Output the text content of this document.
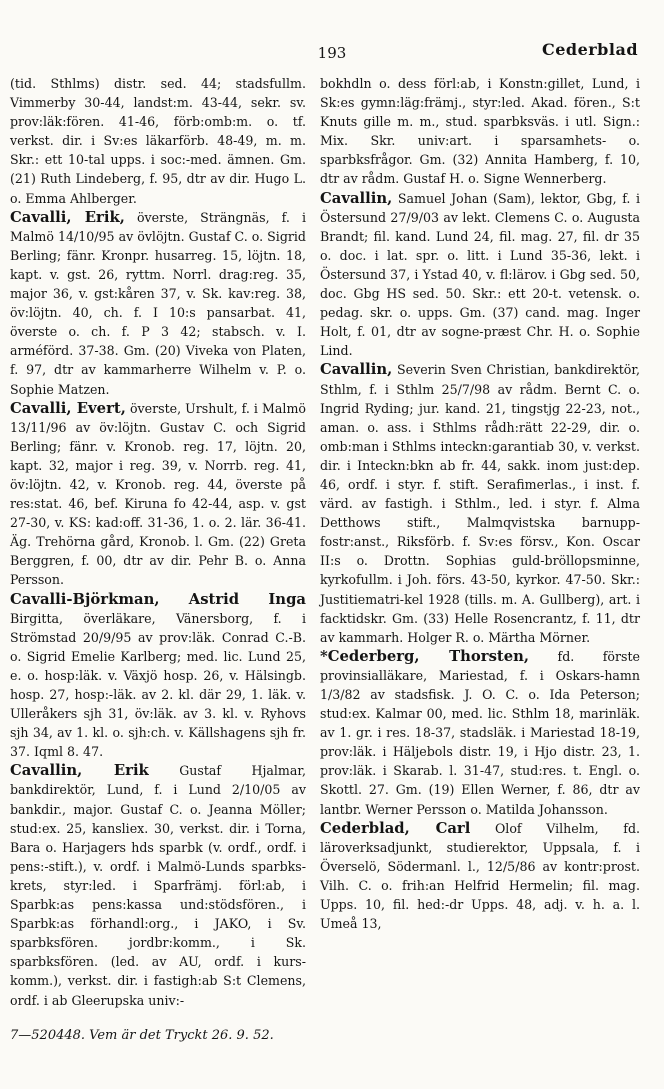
193	Cederblad

(tid. Sthlms) distr. sed. 44; stadsfullm. Vimmerby 30-44, landst:m. 43-44, sekr. sv. prov:läk:fören. 41-46, förb:omb:m. o. tf. verkst. dir. i Sv:es läkarförb. 48-49, m. m. Skr.: ett 10-tal upps. i soc:-med. ämnen. Gm. (21) Ruth Lindeberg, f. 95, dtr av dir. Hugo L. o. Emma Ahlberger.

Cavalli, Erik, överste, Strängnäs, f. i Malmö 14/10/95 av övlöjtn. Gustaf C. o. Sigrid Berling; fänr. Kronpr. husarreg. 15, löjtn. 18, kapt. v. gst. 26, ryttm. Norrl. drag:reg. 35, major 36, v. gst:kåren 37, v. Sk. kav:reg. 38, öv:löjtn. 40, ch. f. I 10:s pansarbat. 41, överste o. ch. f. P 3 42; stabsch. v. I. arméförd. 37-38. Gm. (20) Viveka von Platen, f. 97, dtr av kammarherre Wilhelm v. P. o. Sophie Matzen.

Cavalli, Evert, överste, Urshult, f. i Malmö 13/11/96 av öv:löjtn. Gustav C. och Sigrid Berling; fänr. v. Kronob. reg. 17, löjtn. 20, kapt. 32, major i reg. 39, v. Norrb. reg. 41, öv:löjtn. 42, v. Kronob. reg. 44, överste på res:stat. 46, bef. Kiruna fo 42-44, asp. v. gst 27-30, v. KS: kad:off. 31-36, 1. o. 2. lär. 36-41. Äg. Trehörna gård, Kronob. l. Gm. (22) Greta Berggren, f. 00, dtr av dir. Pehr B. o. Anna Persson.

Cavalli-Björkman, Astrid Inga Birgitta, överläkare, Vänersborg, f. i Strömstad 20/9/95 av prov:läk. Conrad C.-B. o. Sigrid Emelie Karlberg; med. lic. Lund 25, e. o. hosp:läk. v. Växjö hosp. 26, v. Hälsingb. hosp. 27, hosp:-läk. av 2. kl. där 29, 1. läk. v. Ulleråkers sjh 31, öv:läk. av 3. kl. v. Ryhovs sjh 34, av 1. kl. o. sjh:ch. v. Källshagens sjh fr. 37. Iqml 8. 47.

Cavallin, Erik Gustaf Hjalmar, bankdirektör, Lund, f. i Lund 2/10/05 av bankdir., major. Gustaf C. o. Jeanna Möller; stud:ex. 25, kansliex. 30, verkst. dir. i Torna, Bara o. Harjagers hds sparbk (v. ordf., ordf. i pens:-stift.), v. ordf. i Malmö-Lunds sparbks-krets, styr:led. i Sparfrämj. förl:ab, i Sparbk:as pens:kassa und:stödsfören., i Sparbk:as förhandl:org., i JAKO, i Sv. sparbksfören. jordbr:komm., i Sk. sparbksfören. (led. av AU, ordf. i kurs-komm.), verkst. dir. i fastigh:ab S:t Clemens, ordf. i ab Gleerupska univ:-

bokhdln o. dess förl:ab, i Konstn:gillet, Lund, i Sk:es gymn:läg:främj., styr:led. Akad. fören., S:t Knuts gille m. m., stud. sparbksväs. i utl. Sign.: Mix. Skr. univ:art. i sparsamhets- o. sparbksfrågor. Gm. (32) Annita Hamberg, f. 10, dtr av rådm. Gustaf H. o. Signe Wennerberg.

Cavallin, Samuel Johan (Sam), lektor, Gbg, f. i Östersund 27/9/03 av lekt. Clemens C. o. Augusta Brandt; fil. kand. Lund 24, fil. mag. 27, fil. dr 35 o. doc. i lat. spr. o. litt. i Lund 35-36, lekt. i Östersund 37, i Ystad 40, v. fl:lärov. i Gbg sed. 50, doc. Gbg HS sed. 50. Skr.: ett 20-t. vetensk. o. pedag. skr. o. upps. Gm. (37) cand. mag. Inger Holt, f. 01, dtr av sogne-præst Chr. H. o. Sophie Lind.

Cavallin, Severin Sven Christian, bankdirektör, Sthlm, f. i Sthlm 25/7/98 av rådm. Bernt C. o. Ingrid Ryding; jur. kand. 21, tingstjg 22-23, not., aman. o. ass. i Sthlms rådh:rätt 22-29, dir. o. omb:man i Sthlms inteckn:garantiab 30, v. verkst. dir. i Inteckn:bkn ab fr. 44, sakk. inom just:dep. 46, ordf. i styr. f. stift. Serafimerlas., i inst. f. värd. av fastigh. i Sthlm., led. i styr. f. Alma Detthows stift., Malmqvistska barnupp-fostr:anst., Riksförb. f. Sv:es försv., Kon. Oscar II:s o. Drottn. Sophias guld-bröllopsminne, kyrkofullm. i Joh. förs. 43-50, kyrkor. 47-50. Skr.: Justitiematri-kel 1928 (tills. m. A. Gullberg), art. i facktidskr. Gm. (33) Helle Rosencrantz, f. 11, dtr av kammarh. Holger R. o. Märtha Mörner.

*Cederberg, Thorsten, fd. förste provinsialläkare, Mariestad, f. i Oskars-hamn 1/3/82 av stadsfisk. J. O. C. o. Ida Peterson; stud:ex. Kalmar 00, med. lic. Sthlm 18, marinläk. av 1. gr. i res. 18-37, stadsläk. i Mariestad 18-19, prov:läk. i Häljebols distr. 19, i Hjo distr. 23, 1. prov:läk. i Skarab. l. 31-47, stud:res. t. Engl. o. Skottl. 27. Gm. (19) Ellen Werner, f. 86, dtr av lantbr. Werner Persson o. Matilda Johansson.

Cederblad, Carl Olof Vilhelm, fd. läroverksadjunkt, studierektor, Uppsala, f. i Överselö, Södermanl. l., 12/5/86 av kontr:prost. Vilh. C. o. frih:an Helfrid Hermelin; fil. mag. Upps. 10, fil. hed:-dr Upps. 48, adj. v. h. a. l. Umeå 13,

7—520448. Vem är det Tryckt 26. 9. 52.
